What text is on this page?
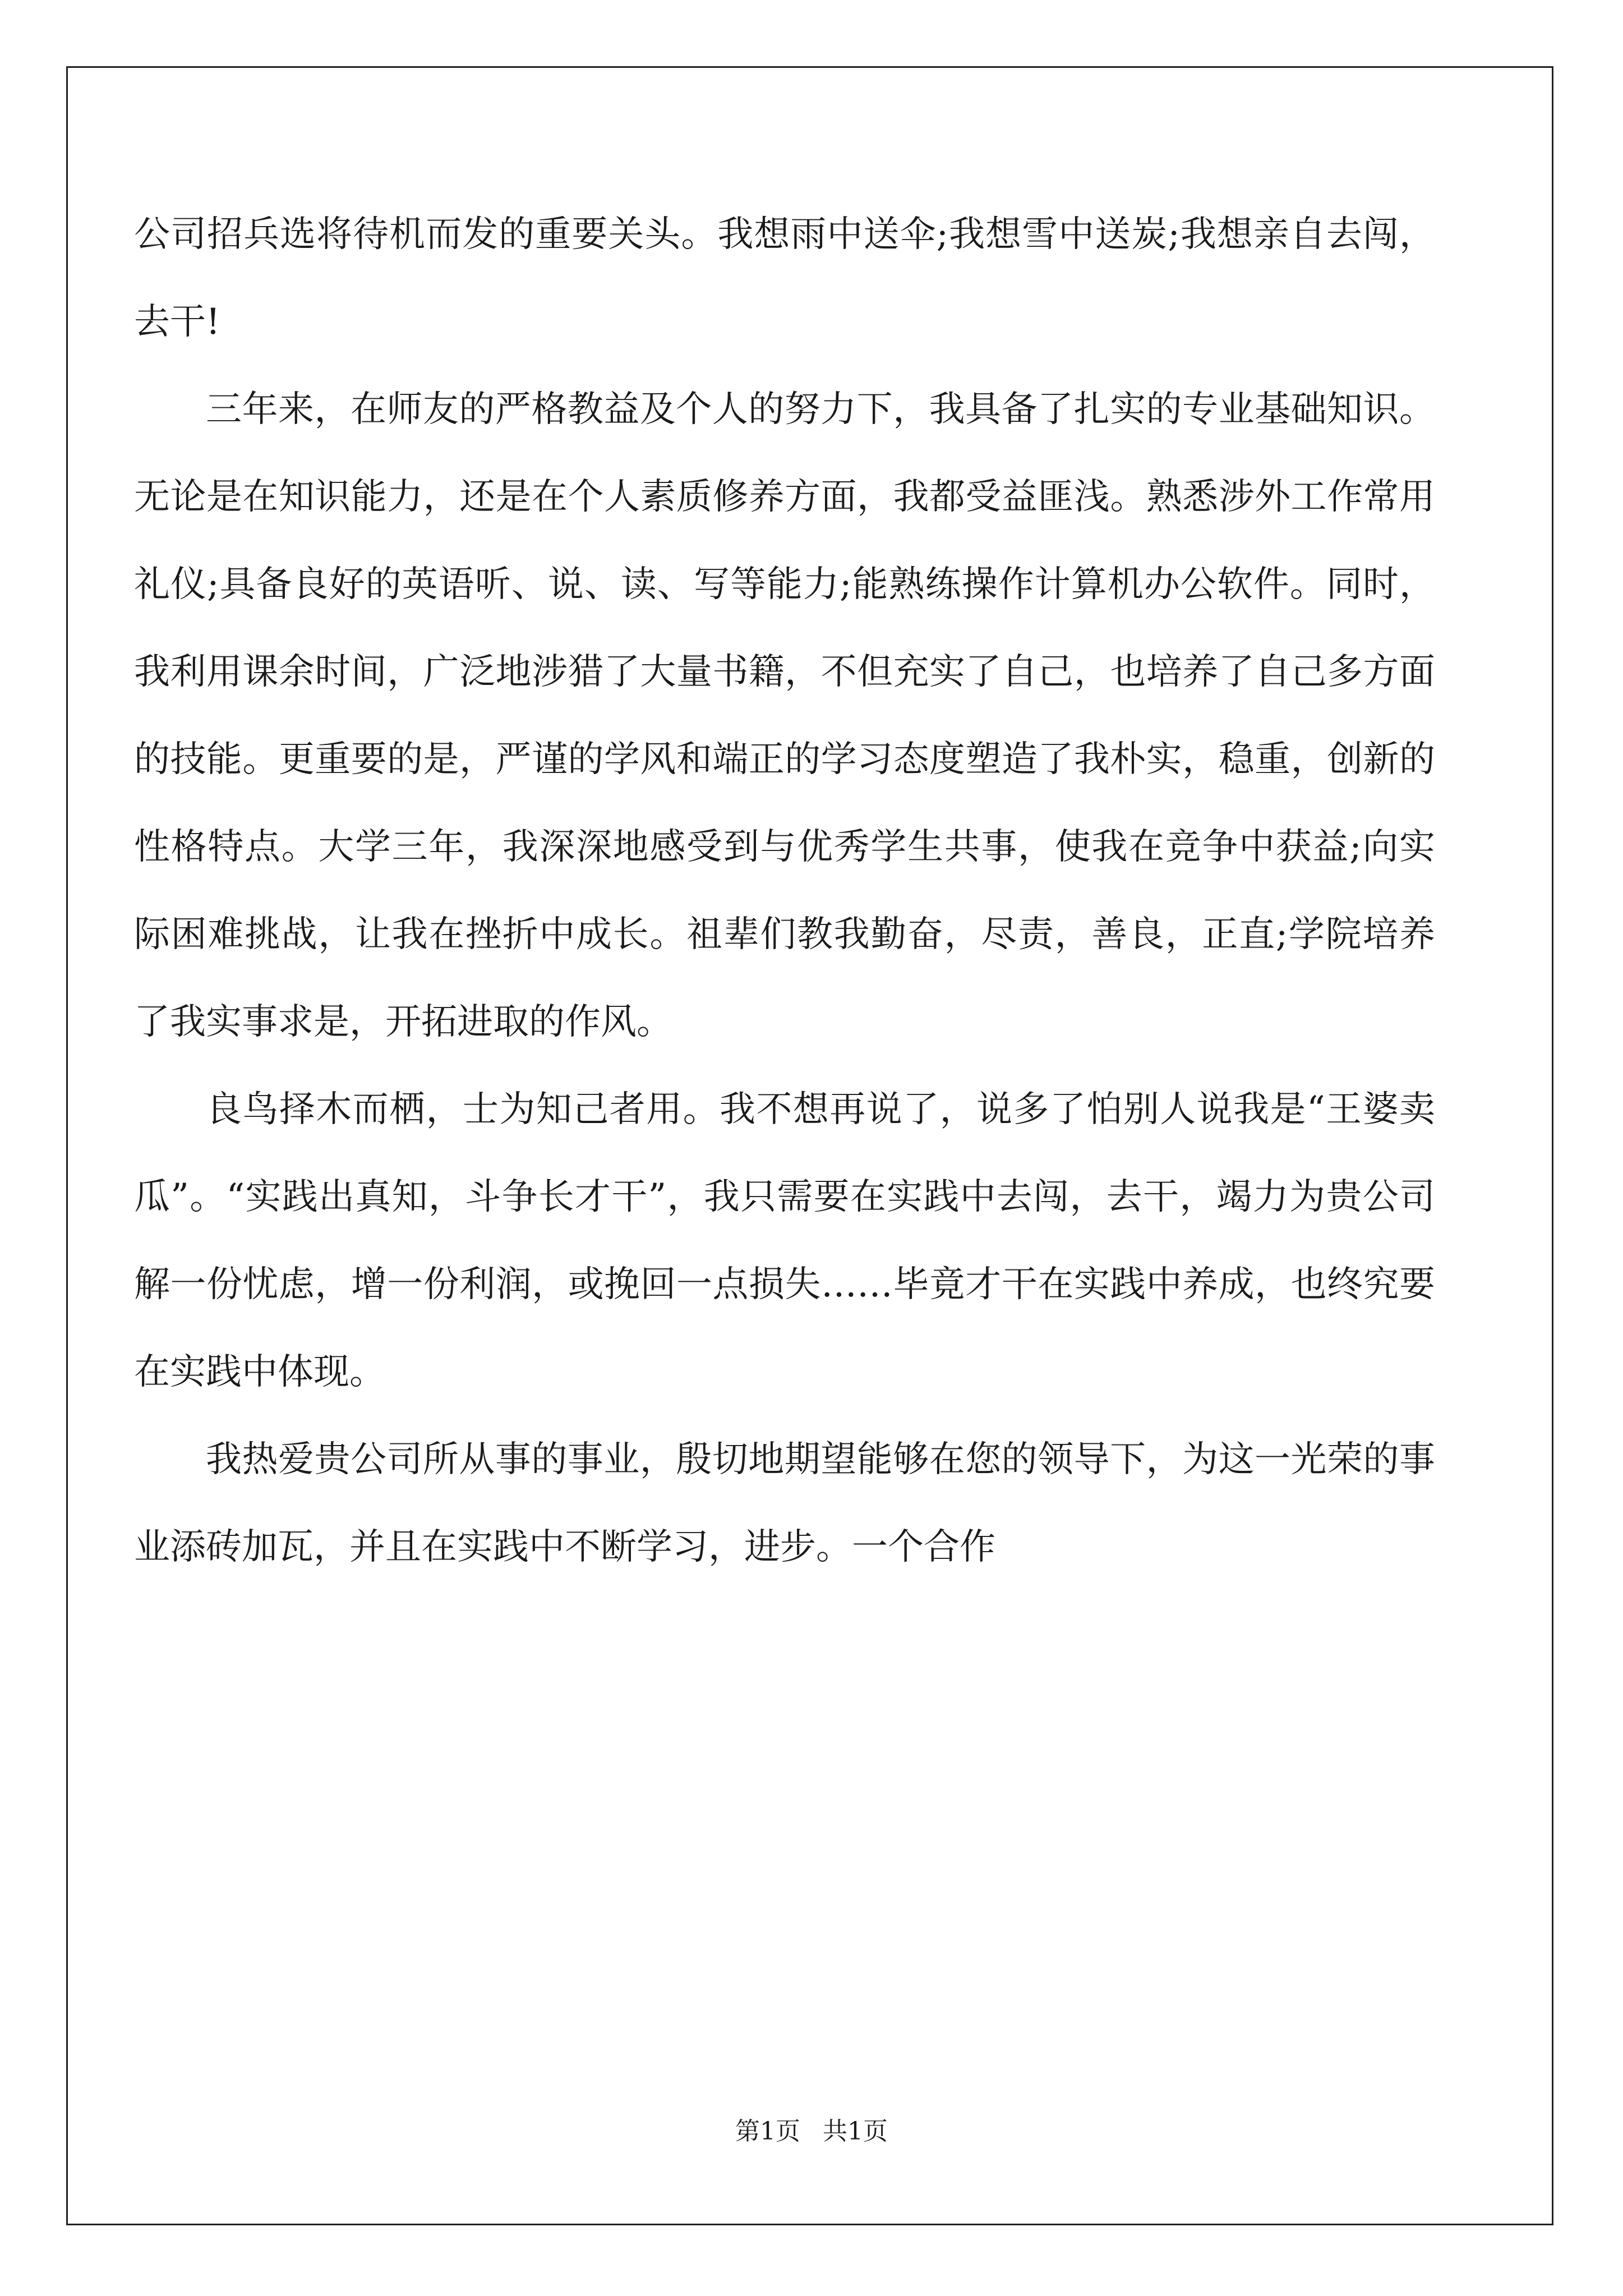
公司招兵选将待机而发的重要关头。我想雨中送伞;我想雪中送炭;我想亲自去闯，去干!

三年来，在师友的严格教益及个人的努力下，我具备了扎实的专业基础知识。无论是在知识能力，还是在个人素质修养方面，我都受益匪浅。熟悉涉外工作常用礼仪;具备良好的英语听、说、读、写等能力;能熟练操作计算机办公软件。同时，我利用课余时间，广泛地涉猎了大量书籍，不但充实了自己，也培养了自己多方面的技能。更重要的是，严谨的学风和端正的学习态度塑造了我朴实，稳重，创新的性格特点。大学三年，我深深地感受到与优秀学生共事，使我在竞争中获益;向实际困难挑战，让我在挫折中成长。祖辈们教我勤奋，尽责，善良，正直;学院培养了我实事求是，开拓进取的作风。

良鸟择木而栖，士为知己者用。我不想再说了，说多了怕别人说我是“王婆卖瓜”。“实践出真知，斗争长才干”，我只需要在实践中去闯，去干，竭力为贵公司解一份忧虑，增一份利润，或挽回一点损失……毕竟才干在实践中养成，也终究要在实践中体现。

我热爱贵公司所从事的事业，殷切地期望能够在您的领导下，为这一光荣的事业添砖加瓦，并且在实践中不断学习，进步。一个合作

第1页 共1页
